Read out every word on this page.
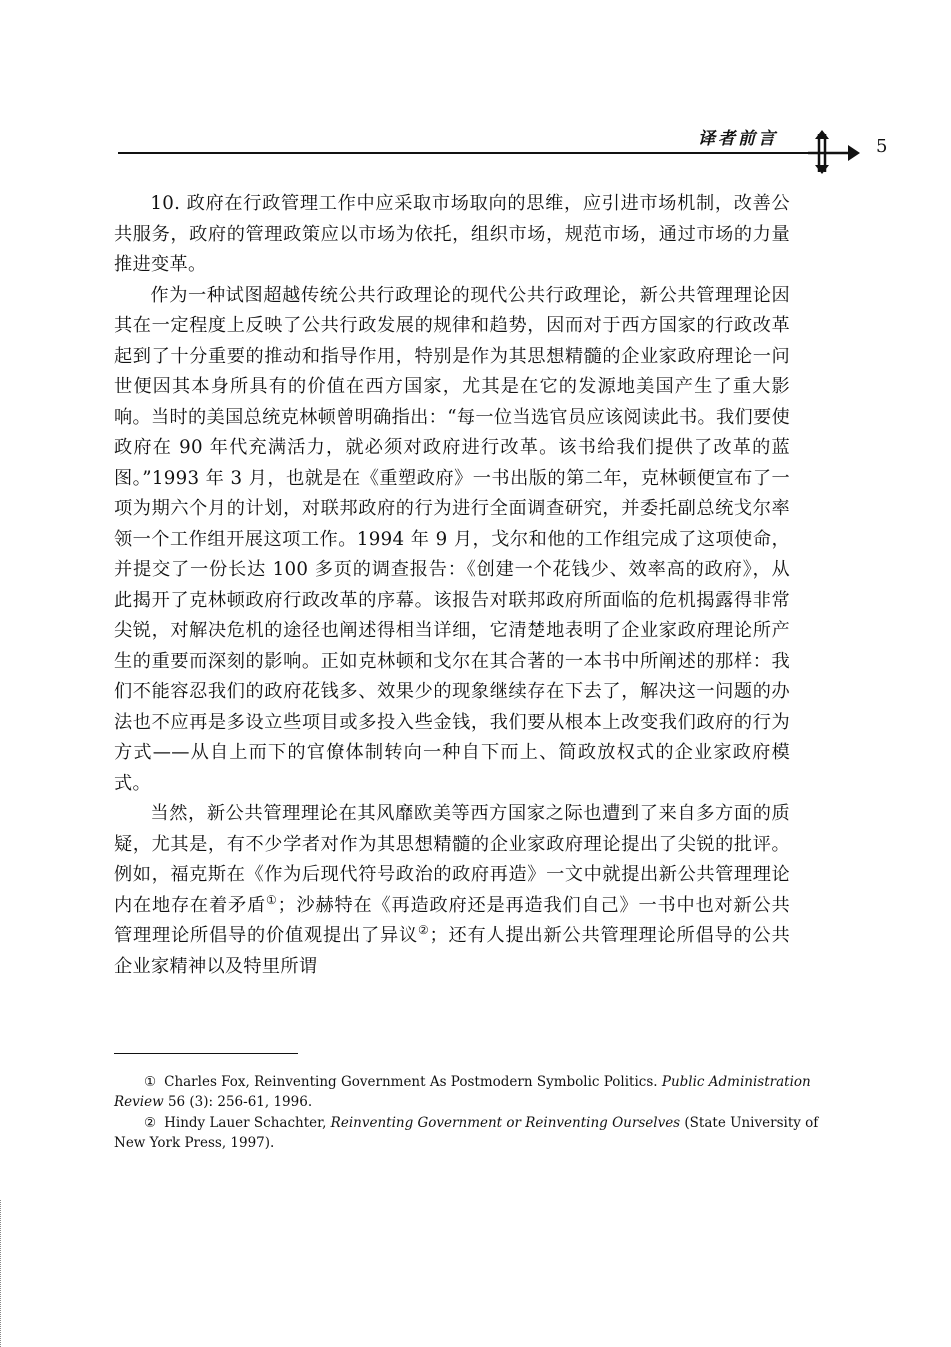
译者前言	5

10. 政府在行政管理工作中应采取市场取向的思维，应引进市场机制，改善公共服务，政府的管理政策应以市场为依托，组织市场，规范市场，通过市场的力量推进变革。

作为一种试图超越传统公共行政理论的现代公共行政理论，新公共管理理论因其在一定程度上反映了公共行政发展的规律和趋势，因而对于西方国家的行政改革起到了十分重要的推动和指导作用，特别是作为其思想精髓的企业家政府理论一问世便因其本身所具有的价值在西方国家，尤其是在它的发源地美国产生了重大影响。当时的美国总统克林顿曾明确指出：“每一位当选官员应该阅读此书。我们要使政府在 90 年代充满活力，就必须对政府进行改革。该书给我们提供了改革的蓝图。”1993 年 3 月，也就是在《重塑政府》一书出版的第二年，克林顿便宣布了一项为期六个月的计划，对联邦政府的行为进行全面调查研究，并委托副总统戈尔率领一个工作组开展这项工作。1994 年 9 月，戈尔和他的工作组完成了这项使命，并提交了一份长达 100 多页的调查报告：《创建一个花钱少、效率高的政府》，从此揭开了克林顿政府行政改革的序幕。该报告对联邦政府所面临的危机揭露得非常尖锐，对解决危机的途径也阐述得相当详细，它清楚地表明了企业家政府理论所产生的重要而深刻的影响。正如克林顿和戈尔在其合著的一本书中所阐述的那样：我们不能容忍我们的政府花钱多、效果少的现象继续存在下去了，解决这一问题的办法也不应再是多设立些项目或多投入些金钱，我们要从根本上改变我们政府的行为方式——从自上而下的官僚体制转向一种自下而上、简政放权式的企业家政府模式。

当然，新公共管理理论在其风靡欧美等西方国家之际也遭到了来自多方面的质疑，尤其是，有不少学者对作为其思想精髓的企业家政府理论提出了尖锐的批评。例如，福克斯在《作为后现代符号政治的政府再造》一文中就提出新公共管理理论内在地存在着矛盾①；沙赫特在《再造政府还是再造我们自己》一书中也对新公共管理理论所倡导的价值观提出了异议②；还有人提出新公共管理理论所倡导的公共企业家精神以及特里所谓

① Charles Fox, Reinventing Government As Postmodern Symbolic Politics. Public Administration Review 56 (3): 256-61, 1996.

② Hindy Lauer Schachter, Reinventing Government or Reinventing Ourselves (State University of New York Press, 1997).
